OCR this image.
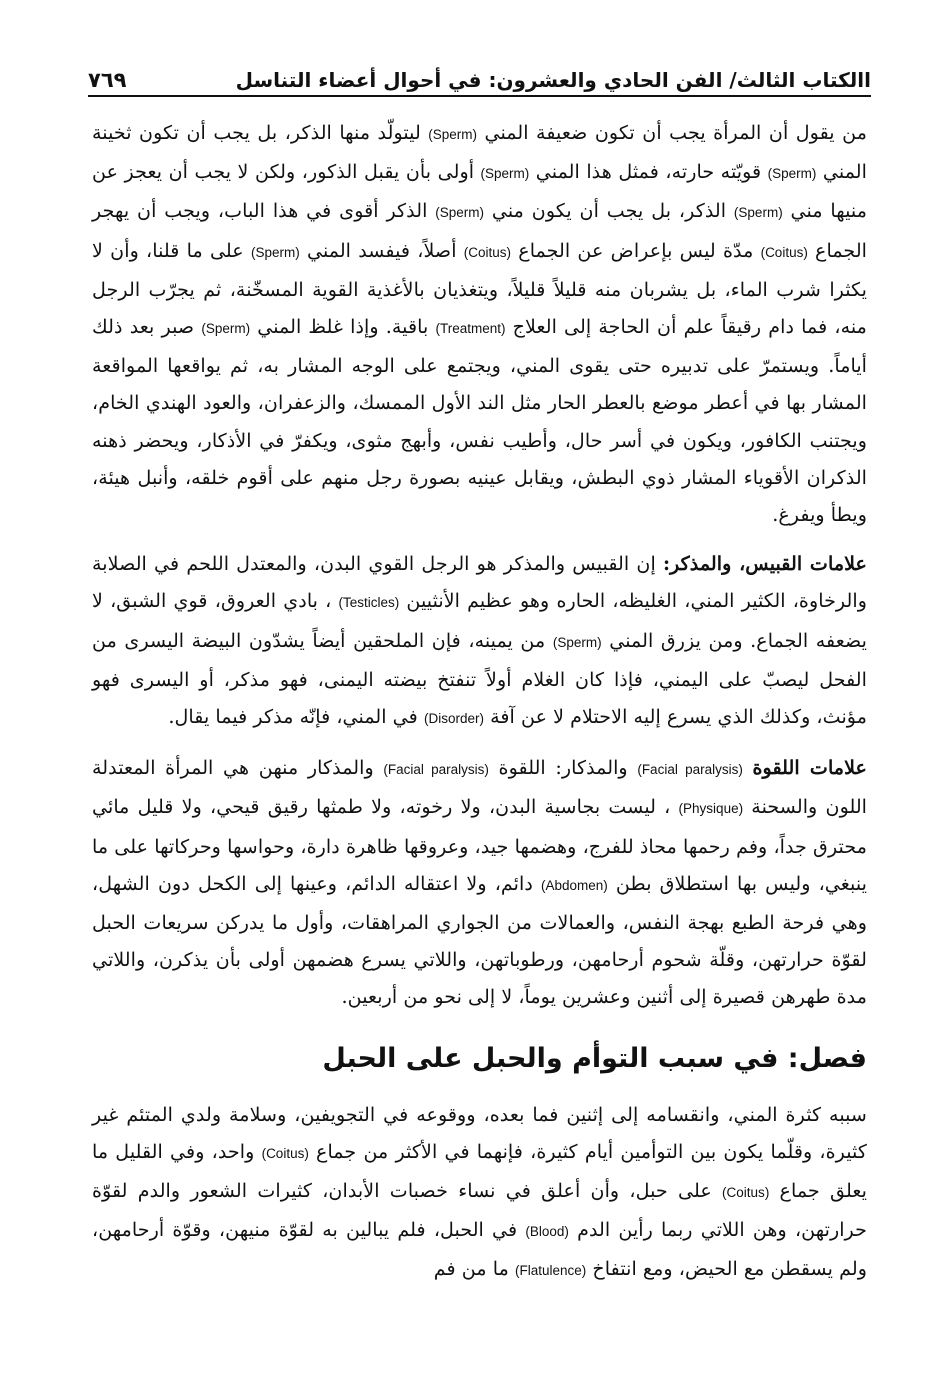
االكتاب الثالث/ الفن الحادي والعشرون: في أحوال أعضاء التناسل
٧٦٩

من يقول أن المرأة يجب أن تكون ضعيفة المني (Sperm) ليتولّد منها الذكر، بل يجب أن تكون ثخينة المني (Sperm) قويّته حارته، فمثل هذا المني (Sperm) أولى بأن يقبل الذكور، ولكن لا يجب أن يعجز عن منيها مني (Sperm) الذكر، بل يجب أن يكون مني (Sperm) الذكر أقوى في هذا الباب، ويجب أن يهجر الجماع (Coitus) مدّة ليس بإعراض عن الجماع (Coitus) أصلاً، فيفسد المني (Sperm) على ما قلنا، وأن لا يكثرا شرب الماء، بل يشربان منه قليلاً قليلاً، ويتغذيان بالأغذية القوية المسخّنة، ثم يجرّب الرجل منه، فما دام رقيقاً علم أن الحاجة إلى العلاج (Treatment) باقية. وإذا غلظ المني (Sperm) صبر بعد ذلك أياماً. ويستمرّ على تدبيره حتى يقوى المني، ويجتمع على الوجه المشار به، ثم يواقعها المواقعة المشار بها في أعطر موضع بالعطر الحار مثل الند الأول الممسك، والزعفران، والعود الهندي الخام، ويجتنب الكافور، ويكون في أسر حال، وأطيب نفس، وأبهج مثوى، ويكفرّ في الأذكار، ويحضر ذهنه الذكران الأقوياء المشار ذوي البطش، ويقابل عينيه بصورة رجل منهم على أقوم خلقه، وأنبل هيئة، ويطأ ويفرغ.

علامات القبيس، والمذكر: إن القبيس والمذكر هو الرجل القوي البدن، والمعتدل اللحم في الصلابة والرخاوة، الكثير المني، الغليظه، الحاره وهو عظيم الأنثيين (Testicles) ، بادي العروق، قوي الشبق، لا يضعفه الجماع. ومن يزرق المني (Sperm) من يمينه، فإن الملحقين أيضاً يشدّون البيضة اليسرى من الفحل ليصبّ على اليمني، فإذا كان الغلام أولاً تنفتخ بيضته اليمنى، فهو مذكر، أو اليسرى فهو مؤنث، وكذلك الذي يسرع إليه الاحتلام لا عن آفة (Disorder) في المني، فإنّه مذكر فيما يقال.

علامات اللقوة (Facial paralysis) والمذكار: اللقوة (Facial paralysis) والمذكار منهن هي المرأة المعتدلة اللون والسحنة (Physique) ، ليست بجاسية البدن، ولا رخوته، ولا طمثها رقيق قيحي، ولا قليل مائي محترق جداً، وفم رحمها محاذ للفرج، وهضمها جيد، وعروقها ظاهرة دارة، وحواسها وحركاتها على ما ينبغي، وليس بها استطلاق بطن (Abdomen) دائم، ولا اعتقاله الدائم، وعينها إلى الكحل دون الشهل، وهي فرحة الطبع بهجة النفس، والعمالات من الجواري المراهقات، وأول ما يدركن سريعات الحبل لقوّة حرارتهن، وقلّة شحوم أرحامهن، ورطوباتهن، واللاتي يسرع هضمهن أولى بأن يذكرن، واللاتي مدة طهرهن قصيرة إلى أثنين وعشرين يوماً، لا إلى نحو من أربعين.

فصل: في سبب التوأم والحبل على الحبل

سببه كثرة المني، وانقسامه إلى إثنين فما بعده، ووقوعه في التجويفين، وسلامة ولدي المتئم غير كثيرة، وقلّما يكون بين التوأمين أيام كثيرة، فإنهما في الأكثر من جماع (Coitus) واحد، وفي القليل ما يعلق جماع (Coitus) على حبل، وأن أعلق في نساء خصبات الأبدان، كثيرات الشعور والدم لقوّة حرارتهن، وهن اللاتي ربما رأين الدم (Blood) في الحبل، فلم يبالين به لقوّة منيهن، وقوّة أرحامهن، ولم يسقطن مع الحيض، ومع انتفاخ (Flatulence) ما من فم
